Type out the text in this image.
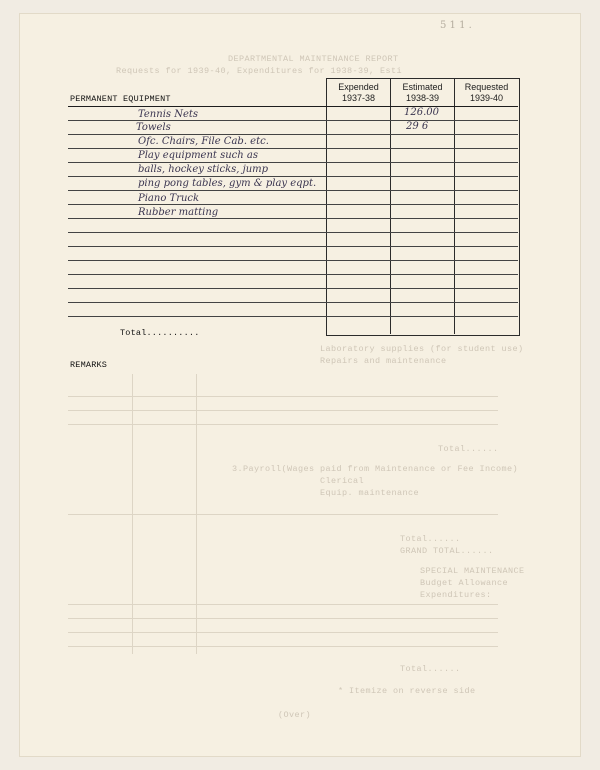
DEPARTMENTAL MAINTENANCE REPORT
Requests for 1939-40, Expenditures for 1938-39, Esti
Laboratory supplies (for student use)
Repairs and maintenance
Total......
3.Payroll(Wages paid from Maintenance or Fee Income)
Clerical
Equip. maintenance
Total......
GRAND TOTAL......
SPECIAL MAINTENANCE
Budget Allowance
Expenditures:
Total......
* Itemize on reverse side
(Over)
5 1 1 .
Expended
1937-38
Estimated
1938-39
Requested
1939-40
PERMANENT EQUIPMENT
Tennis Nets	126.00
Towels	29 6
Ofc. Chairs, File Cab. etc.
Play equipment such as
balls, hockey sticks, jump
ping pong tables, gym & play eqpt.
Piano Truck
Rubber matting
Total..........
REMARKS
